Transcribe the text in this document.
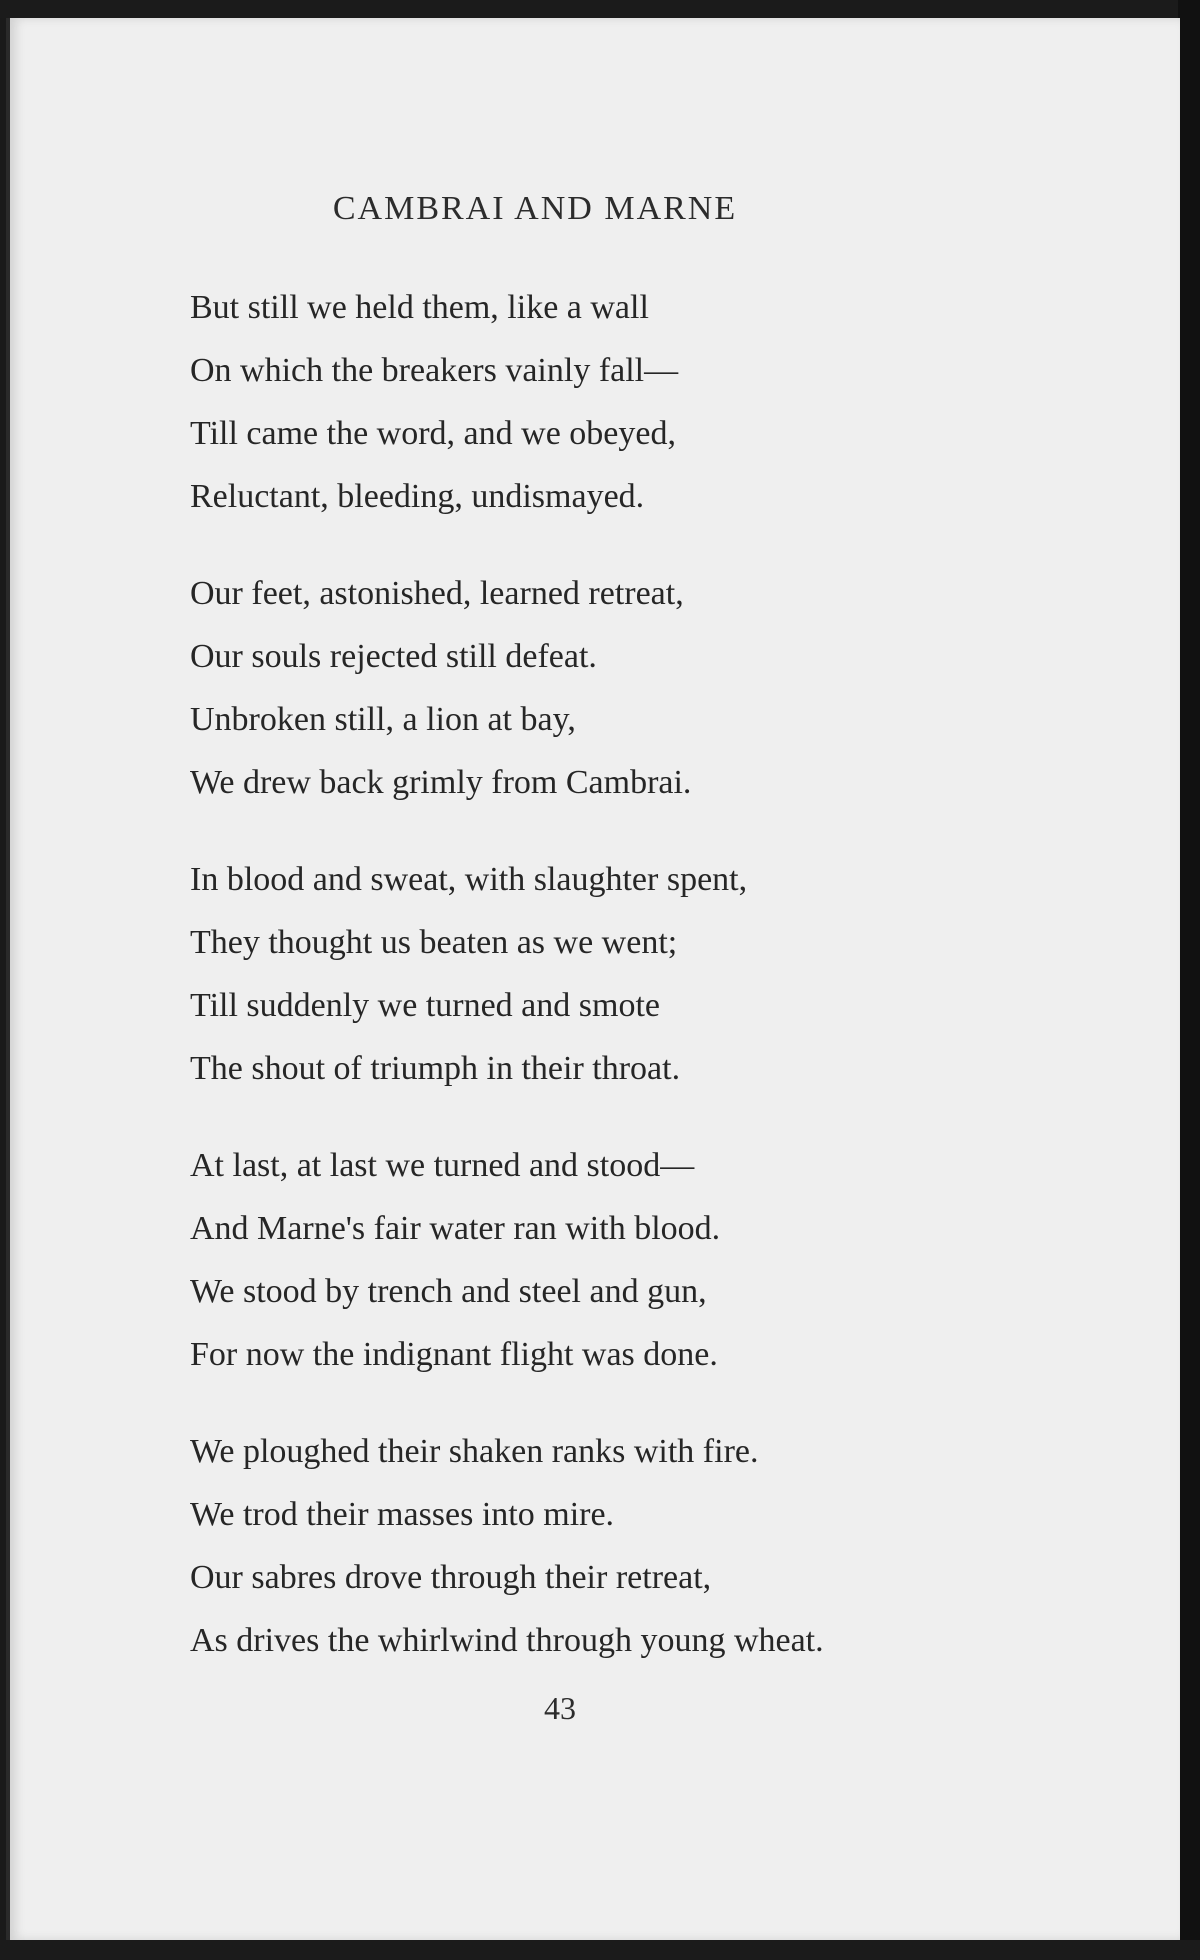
CAMBRAI AND MARNE
But still we held them, like a wall
On which the breakers vainly fall—
Till came the word, and we obeyed,
Reluctant, bleeding, undismayed.
Our feet, astonished, learned retreat,
Our souls rejected still defeat.
Unbroken still, a lion at bay,
We drew back grimly from Cambrai.
In blood and sweat, with slaughter spent,
They thought us beaten as we went;
Till suddenly we turned and smote
The shout of triumph in their throat.
At last, at last we turned and stood—
And Marne's fair water ran with blood.
We stood by trench and steel and gun,
For now the indignant flight was done.
We ploughed their shaken ranks with fire.
We trod their masses into mire.
Our sabres drove through their retreat,
As drives the whirlwind through young wheat.
43
